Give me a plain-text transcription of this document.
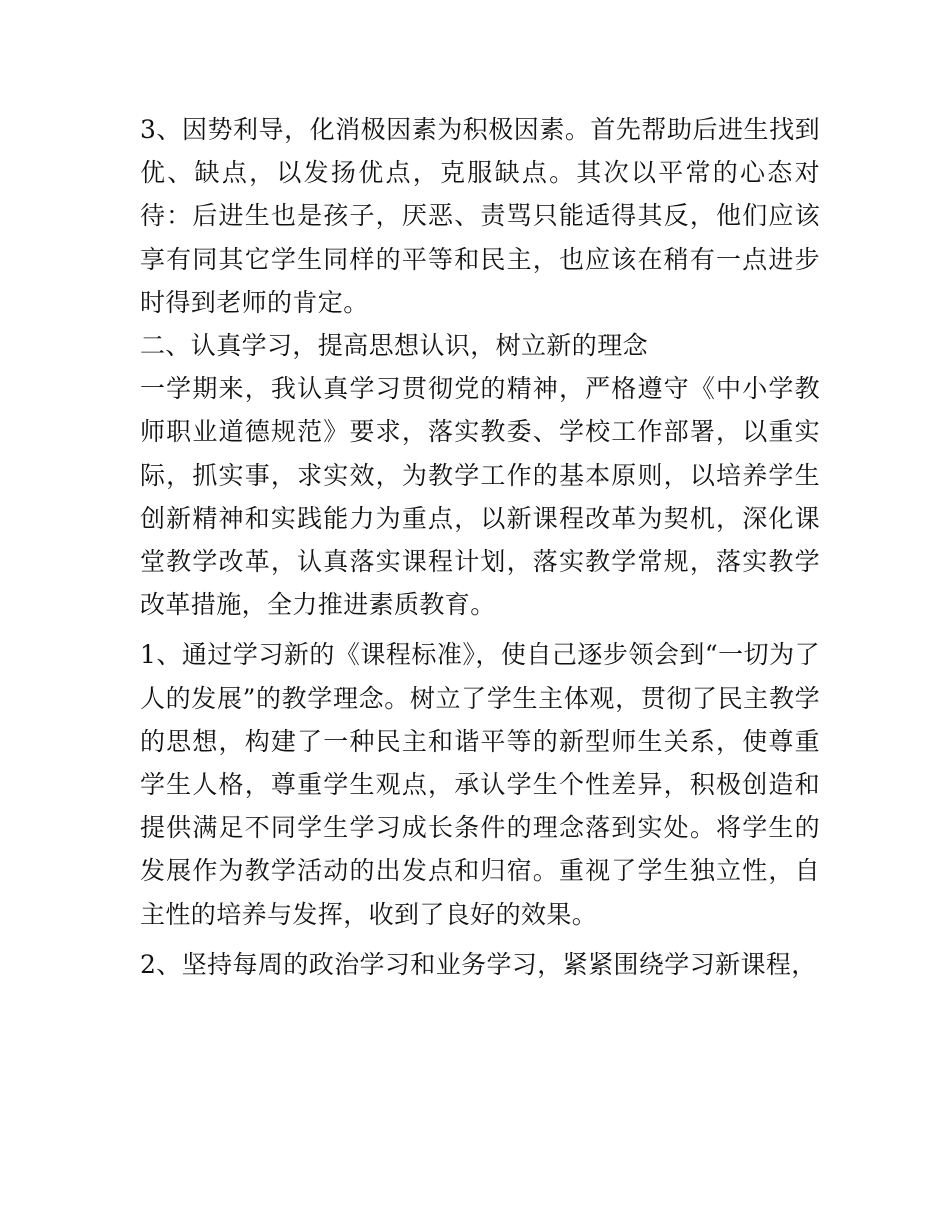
3、因势利导，化消极因素为积极因素。首先帮助后进生找到优、缺点，以发扬优点，克服缺点。其次以平常的心态对待：后进生也是孩子，厌恶、责骂只能适得其反，他们应该享有同其它学生同样的平等和民主，也应该在稍有一点进步时得到老师的肯定。

二、认真学习，提高思想认识，树立新的理念

一学期来，我认真学习贯彻党的精神，严格遵守《中小学教师职业道德规范》要求，落实教委、学校工作部署，以重实际，抓实事，求实效，为教学工作的基本原则，以培养学生创新精神和实践能力为重点，以新课程改革为契机，深化课堂教学改革，认真落实课程计划，落实教学常规，落实教学改革措施，全力推进素质教育。

1、通过学习新的《课程标准》，使自己逐步领会到“一切为了人的发展”的教学理念。树立了学生主体观，贯彻了民主教学的思想，构建了一种民主和谐平等的新型师生关系，使尊重学生人格，尊重学生观点，承认学生个性差异，积极创造和提供满足不同学生学习成长条件的理念落到实处。将学生的发展作为教学活动的出发点和归宿。重视了学生独立性，自主性的培养与发挥，收到了良好的效果。

2、坚持每周的政治学习和业务学习，紧紧围绕学习新课程，
